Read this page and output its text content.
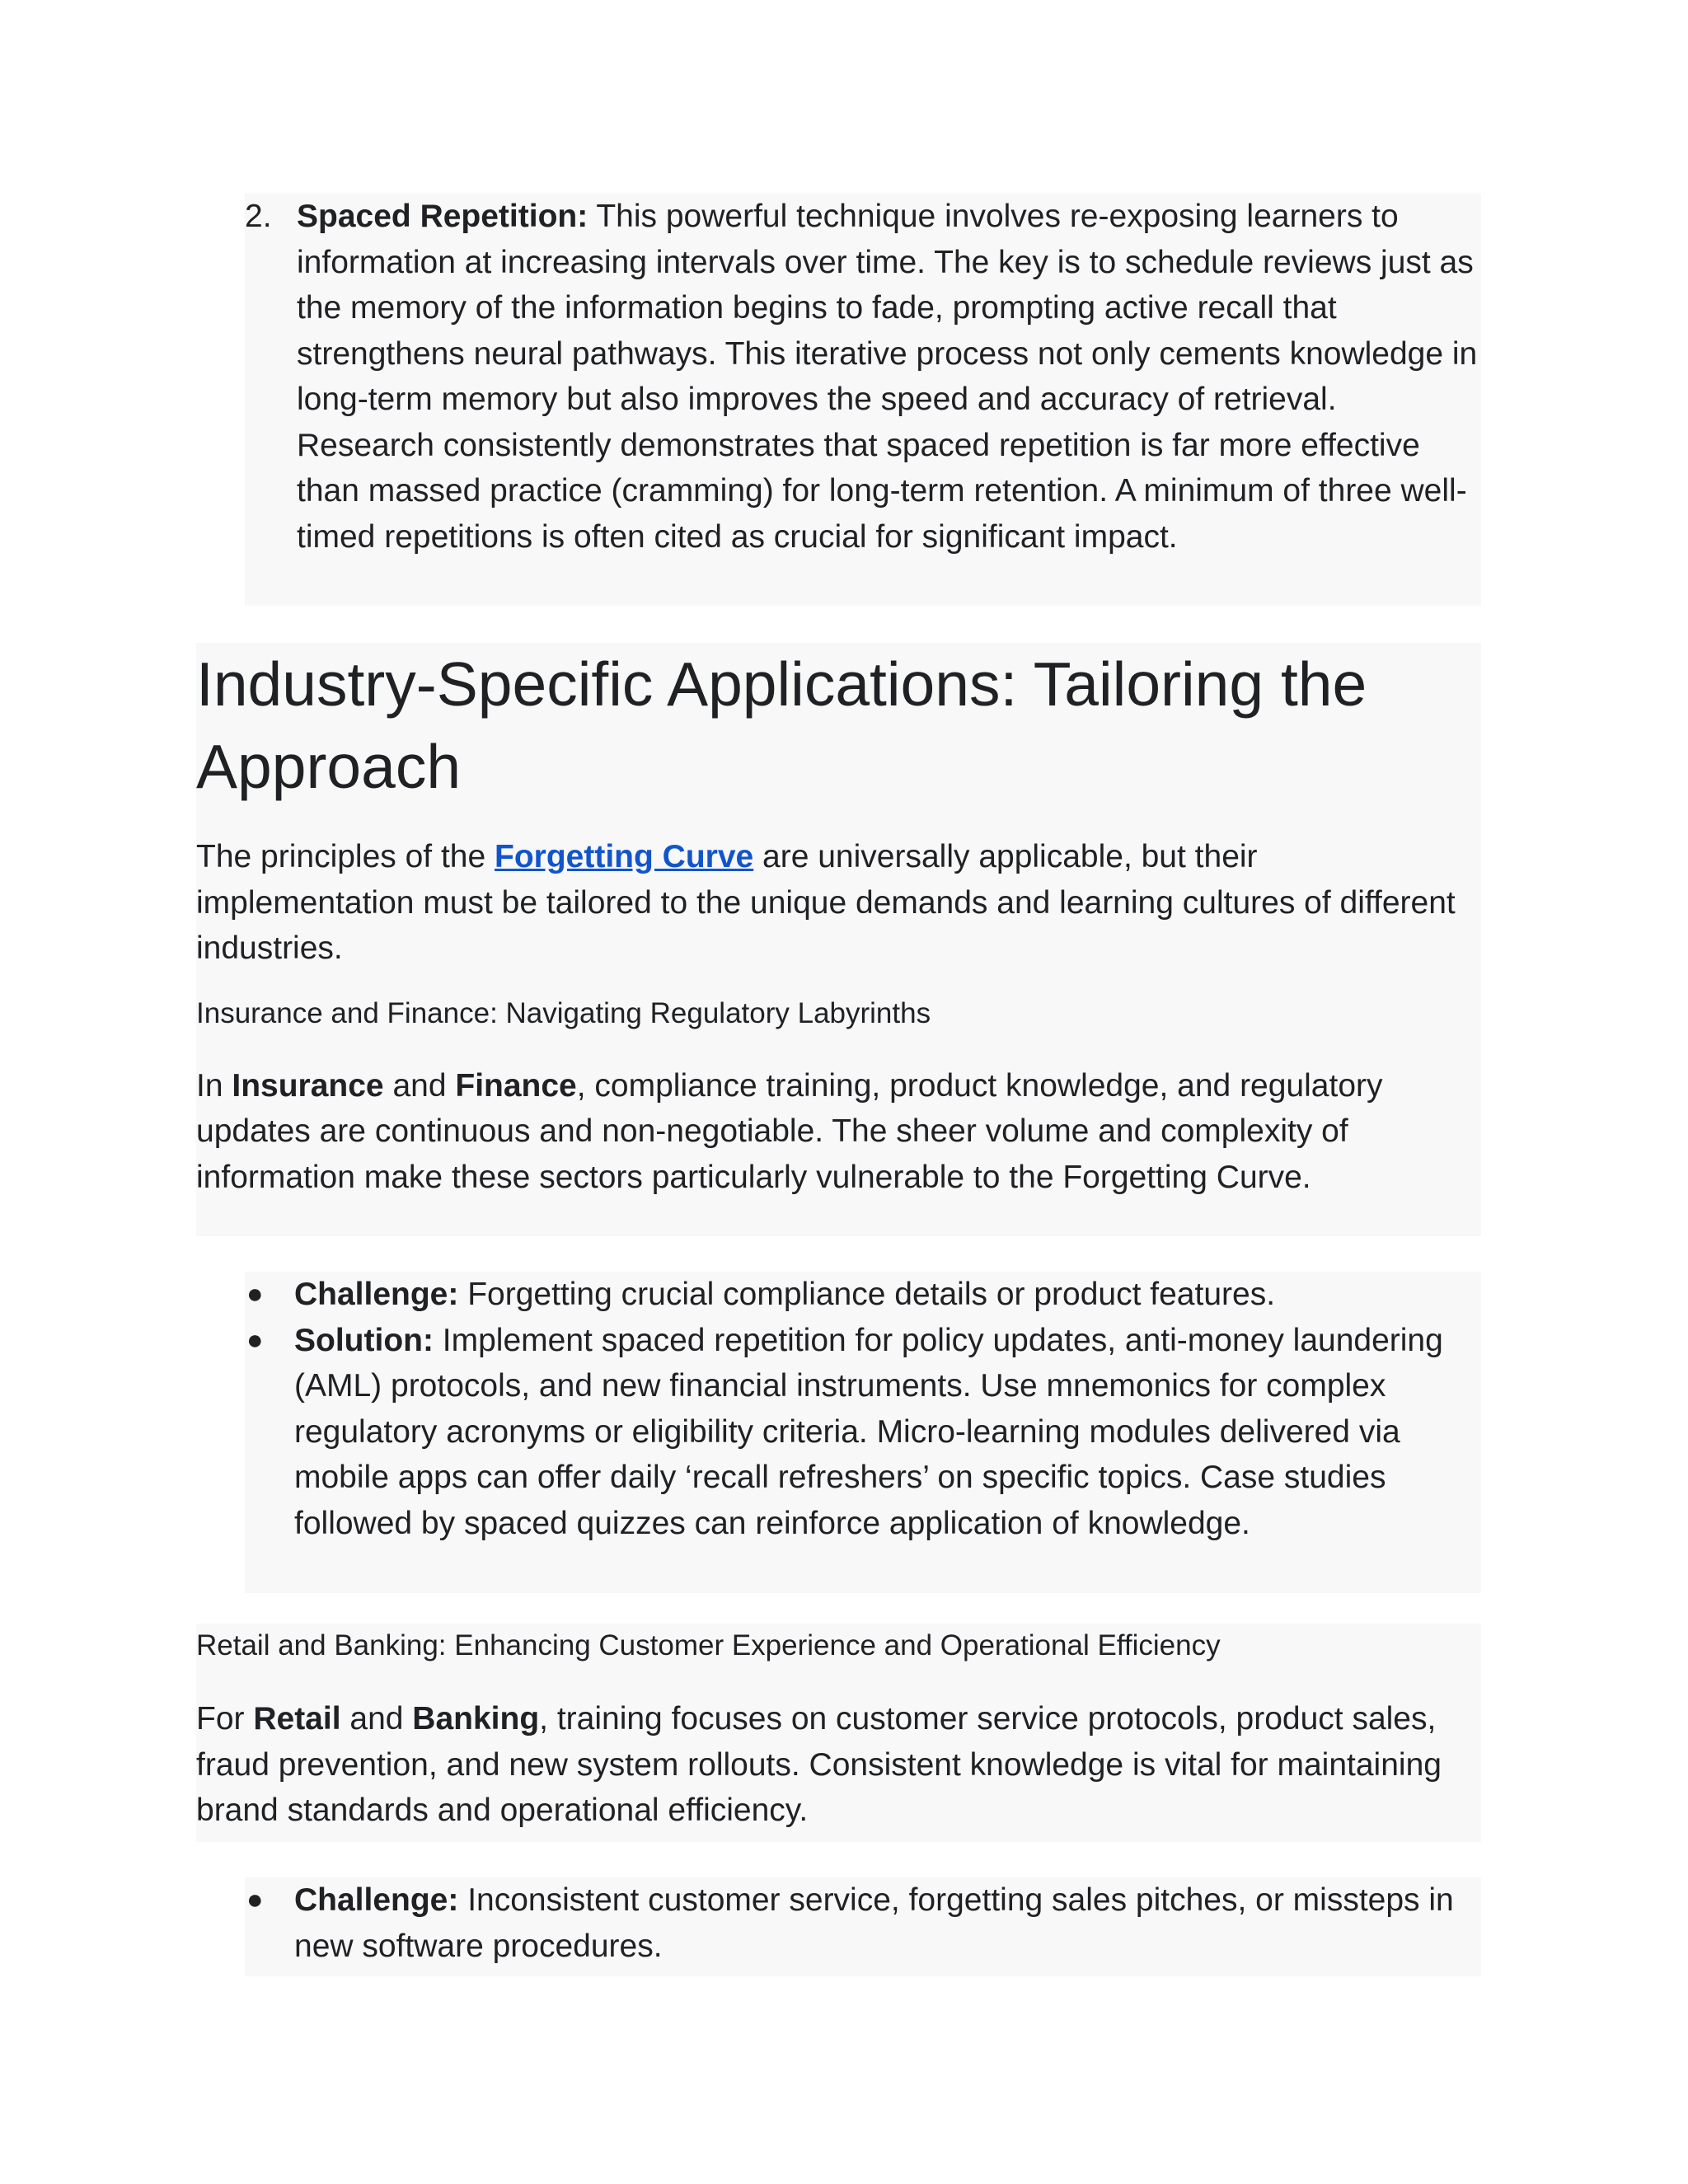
2. Spaced Repetition: This powerful technique involves re-exposing learners to information at increasing intervals over time. The key is to schedule reviews just as the memory of the information begins to fade, prompting active recall that strengthens neural pathways. This iterative process not only cements knowledge in long-term memory but also improves the speed and accuracy of retrieval. Research consistently demonstrates that spaced repetition is far more effective than massed practice (cramming) for long-term retention. A minimum of three well-timed repetitions is often cited as crucial for significant impact.
Industry-Specific Applications: Tailoring the Approach

The principles of the Forgetting Curve are universally applicable, but their implementation must be tailored to the unique demands and learning cultures of different industries.

Insurance and Finance: Navigating Regulatory Labyrinths

In Insurance and Finance, compliance training, product knowledge, and regulatory updates are continuous and non-negotiable. The sheer volume and complexity of information make these sectors particularly vulnerable to the Forgetting Curve.

● Challenge: Forgetting crucial compliance details or product features.
● Solution: Implement spaced repetition for policy updates, anti-money laundering (AML) protocols, and new financial instruments. Use mnemonics for complex regulatory acronyms or eligibility criteria. Micro-learning modules delivered via mobile apps can offer daily ‘recall refreshers’ on specific topics. Case studies followed by spaced quizzes can reinforce application of knowledge.
Retail and Banking: Enhancing Customer Experience and Operational Efficiency

For Retail and Banking, training focuses on customer service protocols, product sales, fraud prevention, and new system rollouts. Consistent knowledge is vital for maintaining brand standards and operational efficiency.

● Challenge: Inconsistent customer service, forgetting sales pitches, or missteps in new software procedures.
